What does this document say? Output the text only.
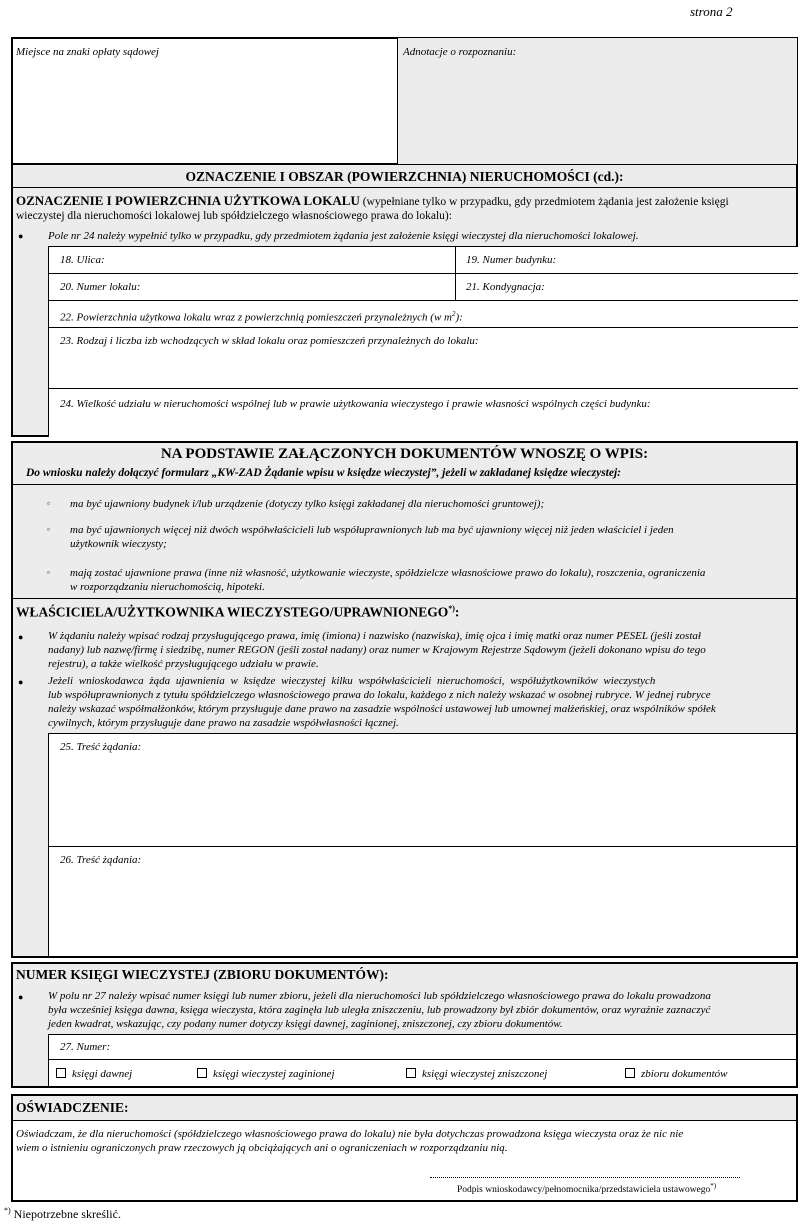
strona 2
Miejsce na znaki opłaty sądowej	Adnotacje o rozpoznaniu:
OZNACZENIE I OBSZAR (POWIERZCHNIA) NIERUCHOMOŚCI (cd.):
OZNACZENIE I POWIERZCHNIA UŻYTKOWA LOKALU (wypełniane tylko w przypadku, gdy przedmiotem żądania jest założenie księgi
wieczystej dla nieruchomości lokalowej lub spółdzielczego własnościowego prawa do lokalu):
● Pole nr 24 należy wypełnić tylko w przypadku, gdy przedmiotem żądania jest założenie księgi wieczystej dla nieruchomości lokalowej.
18. Ulica:	19. Numer budynku:
20. Numer lokalu:	21. Kondygnacja:
22. Powierzchnia użytkowa lokalu wraz z powierzchnią pomieszczeń przynależnych (w $m^2$):
23. Rodzaj i liczba izb wchodzących w skład lokalu oraz pomieszczeń przynależnych do lokalu:
24. Wielkość udziału w nieruchomości wspólnej lub w prawie użytkowania wieczystego i prawie własności wspólnych części budynku:
NA PODSTAWIE ZAŁĄCZONYCH DOKUMENTÓW WNOSZĘ O WPIS:
Do wniosku należy dołączyć formularz „KW-ZAD Żądanie wpisu w księdze wieczystej”, jeżeli w zakładanej księdze wieczystej:
▫ ma być ujawniony budynek i/lub urządzenie (dotyczy tylko księgi zakładanej dla nieruchomości gruntowej);
▫ ma być ujawnionych więcej niż dwóch współwłaścicieli lub współuprawnionych lub ma być ujawniony więcej niż jeden właściciel i jeden
użytkownik wieczysty;
▫ mają zostać ujawnione prawa (inne niż własność, użytkowanie wieczyste, spółdzielcze własnościowe prawo do lokalu), roszczenia, ograniczenia
w rozporządzaniu nieruchomością, hipoteki.
WŁAŚCICIELA/UŻYTKOWNIKA WIECZYSTEGO/UPRAWNIONEGO*):
● W żądaniu należy wpisać rodzaj przysługującego prawa, imię (imiona) i nazwisko (nazwiska), imię ojca i imię matki oraz numer PESEL (jeśli został
nadany) lub nazwę/firmę i siedzibę, numer REGON (jeśli został nadany) oraz numer w Krajowym Rejestrze Sądowym (jeżeli dokonano wpisu do tego
rejestru), a także wielkość przysługującego udziału w prawie.
● Jeżeli wnioskodawca żąda ujawnienia w księdze wieczystej kilku współwłaścicieli nieruchomości, współużytkowników wieczystych
lub współuprawnionych z tytułu spółdzielczego własnościowego prawa do lokalu, każdego z nich należy wskazać w osobnej rubryce. W jednej rubryce
należy wskazać współmałżonków, którym przysługuje dane prawo na zasadzie wspólności ustawowej lub umownej małżeńskiej, oraz wspólników spółek
cywilnych, którym przysługuje dane prawo na zasadzie współwłasności łącznej.
25. Treść żądania:
26. Treść żądania:
NUMER KSIĘGI WIECZYSTEJ (ZBIORU DOKUMENTÓW):
● W polu nr 27 należy wpisać numer księgi lub numer zbioru, jeżeli dla nieruchomości lub spółdzielczego własnościowego prawa do lokalu prowadzona
była wcześniej księga dawna, księga wieczysta, która zaginęła lub uległa zniszczeniu, lub prowadzony był zbiór dokumentów, oraz wyraźnie zaznaczyć
jeden kwadrat, wskazując, czy podany numer dotyczy księgi dawnej, zaginionej, zniszczonej, czy zbioru dokumentów.
27. Numer:
księgi dawnej	księgi wieczystej zaginionej	księgi wieczystej zniszczonej	zbioru dokumentów
OŚWIADCZENIE:
Oświadczam, że dla nieruchomości (spółdzielczego własnościowego prawa do lokalu) nie była dotychczas prowadzona księga wieczysta oraz że nic nie
wiem o istnieniu ograniczonych praw rzeczowych ją obciążających ani o ograniczeniach w rozporządzaniu nią.
Podpis wnioskodawcy/pełnomocnika/przedstawiciela ustawowego*)
*) Niepotrzebne skreślić.
